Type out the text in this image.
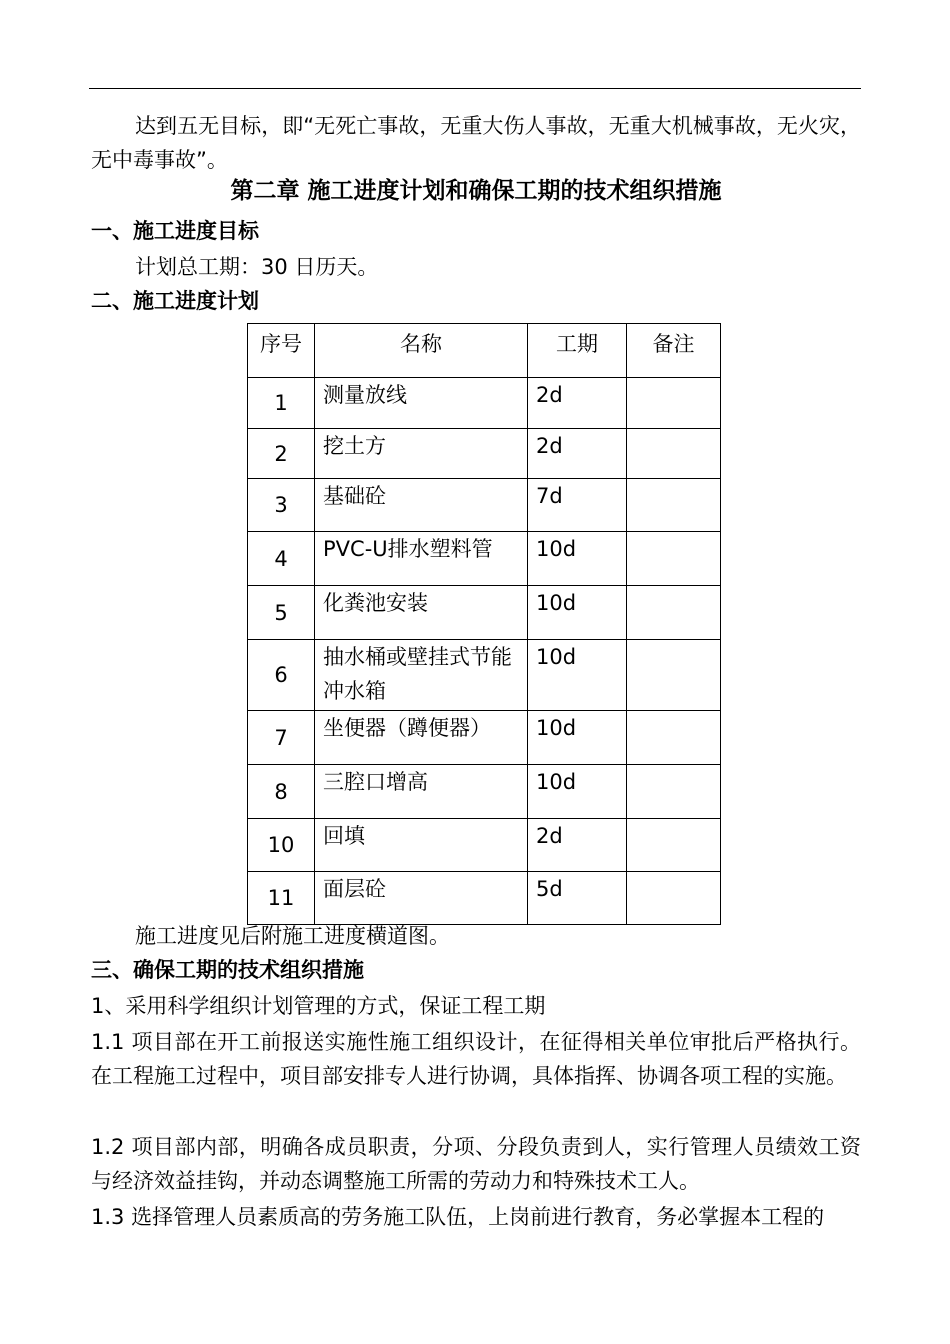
达到五无目标，即“无死亡事故，无重大伤人事故，无重大机械事故，无火灾，无中毒事故”。

第二章 施工进度计划和确保工期的技术组织措施
一、施工进度目标

计划总工期：30 日历天。

二、施工进度计划
序号	名称	工期	备注
1	测量放线	2d	
2	挖土方	2d	
3	基础砼	7d	
4	PVC-U排水塑料管	10d	
5	化粪池安装	10d	
6	抽水桶或壁挂式节能冲水箱	10d	
7	坐便器（蹲便器）	10d	
8	三腔口增高	10d	
10	回填	2d	
11	面层砼	5d	

施工进度见后附施工进度横道图。

三、确保工期的技术组织措施

1、采用科学组织计划管理的方式，保证工程工期

1.1 项目部在开工前报送实施性施工组织设计，在征得相关单位审批后严格执行。在工程施工过程中，项目部安排专人进行协调，具体指挥、协调各项工程的实施。

1.2 项目部内部，明确各成员职责，分项、分段负责到人，实行管理人员绩效工资与经济效益挂钩，并动态调整施工所需的劳动力和特殊技术工人。

1.3 选择管理人员素质高的劳务施工队伍，上岗前进行教育，务必掌握本工程的
